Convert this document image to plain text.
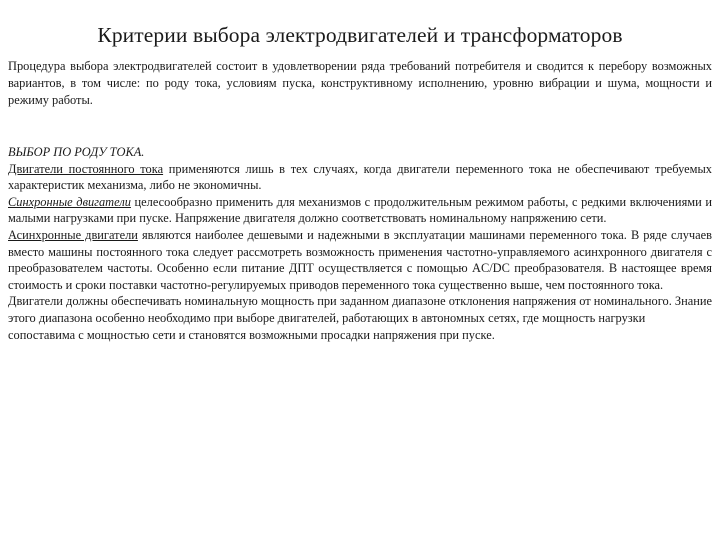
Критерии выбора электродвигателей и трансформаторов

Процедура выбора электродвигателей состоит в удовлетворении ряда требований потребителя и сводится к перебору возможных вариантов, в том числе: по роду тока, условиям пуска, конструктивному исполнению, уровню вибрации и шума, мощности и режиму работы.

ВЫБОР ПО РОДУ ТОКА.

Двигатели постоянного тока применяются лишь в тех случаях, когда двигатели переменного тока не обеспечивают требуемых характеристик механизма, либо не экономичны.

Синхронные двигатели целесообразно применить для механизмов с продолжительным режимом работы, с редкими включениями и малыми нагрузками при пуске. Напряжение двигателя должно соответствовать номинальному напряжению сети.

Асинхронные двигатели являются наиболее дешевыми и надежными в эксплуатации машинами переменного тока. В ряде случаев вместо машины постоянного тока следует рассмотреть возможность применения частотно-управляемого асинхронного двигателя с преобразователем частоты. Особенно если питание ДПТ осуществляется с помощью AC/DC преобразователя. В настоящее время стоимость и сроки поставки частотно-регулируемых приводов переменного тока существенно выше, чем постоянного тока.

Двигатели должны обеспечивать номинальную мощность при заданном диапазоне отклонения напряжения от номинального. Знание этого диапазона особенно необходимо при выборе двигателей, работающих в автономных сетях, где мощность нагрузки сопоставима с мощностью сети и становятся возможными просадки напряжения при пуске.
